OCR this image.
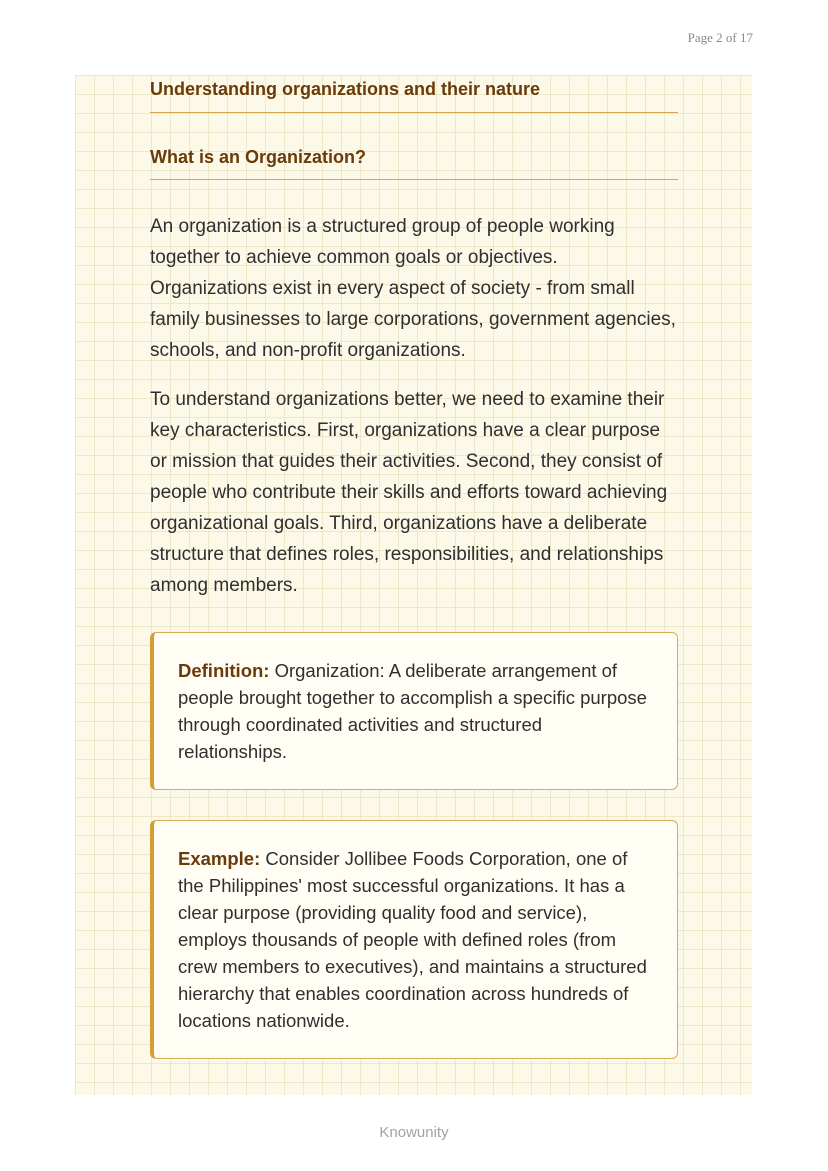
Page 2 of 17
Understanding organizations and their nature
What is an Organization?

An organization is a structured group of people working together to achieve common goals or objectives. Organizations exist in every aspect of society - from small family businesses to large corporations, government agencies, schools, and non-profit organizations.

To understand organizations better, we need to examine their key characteristics. First, organizations have a clear purpose or mission that guides their activities. Second, they consist of people who contribute their skills and efforts toward achieving organizational goals. Third, organizations have a deliberate structure that defines roles, responsibilities, and relationships among members.

Definition: Organization: A deliberate arrangement of people brought together to accomplish a specific purpose through coordinated activities and structured relationships.
Example: Consider Jollibee Foods Corporation, one of the Philippines' most successful organizations. It has a clear purpose (providing quality food and service), employs thousands of people with defined roles (from crew members to executives), and maintains a structured hierarchy that enables coordination across hundreds of locations nationwide.
Knowunity
